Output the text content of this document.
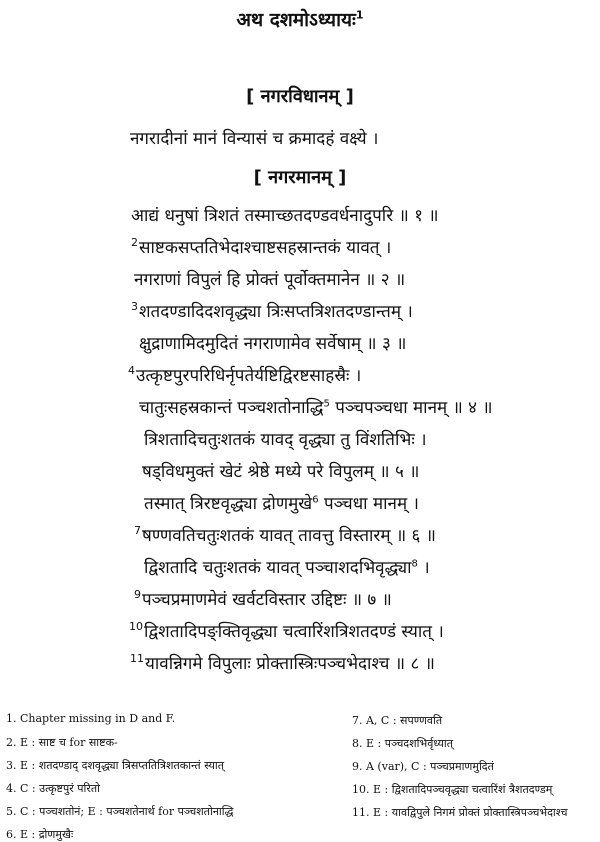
अथ दशमोऽध्यायः$^1$
[ नगरविधानम् ]
नगरादीनां मानं विन्यासं च क्रमादहं वक्ष्ये ।
[ नगरमानम् ]
आद्यं धनुषां त्रिशतं तस्माच्छतदण्डवर्धनादुपरि ॥ १ ॥
$^2$साष्टकसप्ततिभेदाश्चाष्टसहस्रान्तकं यावत् ।
नगराणां विपुलं हि प्रोक्तं पूर्वोक्तमानेन ॥ २ ॥
$^3$शतदण्डादिदशवृद्ध्या त्रिःसप्तत्रिशतदण्डान्तम् ।
क्षुद्राणामिदमुदितं नगराणामेव सर्वेषाम् ॥ ३ ॥
$^4$उत्कृष्टपुरपरिधिर्नृपतेर्यष्टिद्विरष्टसाहस्रैः ।
चातुःसहस्रकान्तं पञ्चशतोनाद्धि$^5$ पञ्चपञ्चधा मानम् ॥ ४ ॥
त्रिशतादिचतुःशतकं यावद् वृद्ध्या तु विंशतिभिः ।
षड्विधमुक्तं खेटं श्रेष्ठे मध्ये परे विपुलम् ॥ ५ ॥
तस्मात् त्रिरष्टवृद्ध्या द्रोणमुखे$^6$ पञ्चधा मानम् ।
$^7$षण्णवतिचतुःशतकं यावत् तावत्तु विस्तारम् ॥ ६ ॥
द्विशतादि चतुःशतकं यावत् पञ्चाशदभिवृद्ध्या$^8$ ।
$^9$पञ्चप्रमाणमेवं खर्वटविस्तार उद्दिष्टः ॥ ७ ॥
$^{10}$द्विशतादिपङ्क्तिवृद्ध्या चत्वारिंशत्रिशतदण्डं स्यात् ।
$^{11}$यावन्निगमे विपुलाः प्रोक्तास्त्रिःपञ्चभेदाश्च ॥ ८ ॥
1. Chapter missing in D and F.
2. E : साष्ट च for साष्टक-
3. E : शतदण्डाद् दशवृद्ध्या त्रिसप्ततित्रिशतकान्तं स्यात्
4. C : उत्कृष्टपुरं परितो
5. C : पञ्चशतोनं; E : पञ्चशतेनार्थ for पञ्चशतोनाद्धि
6. E : द्रोणमुखैः
7. A, C : सपण्णवति
8. E : पञ्चदशभिर्वृध्यात्
9. A (var), C : पञ्चप्रमाणमुदितं
10. E : द्विशतादिपञ्चवृद्ध्या चत्वारिंशं त्रैशतदण्डम्
11. E : यावद्विपुले निगमं प्रोक्तं प्रोक्तास्त्रिपञ्चभेदाश्च
